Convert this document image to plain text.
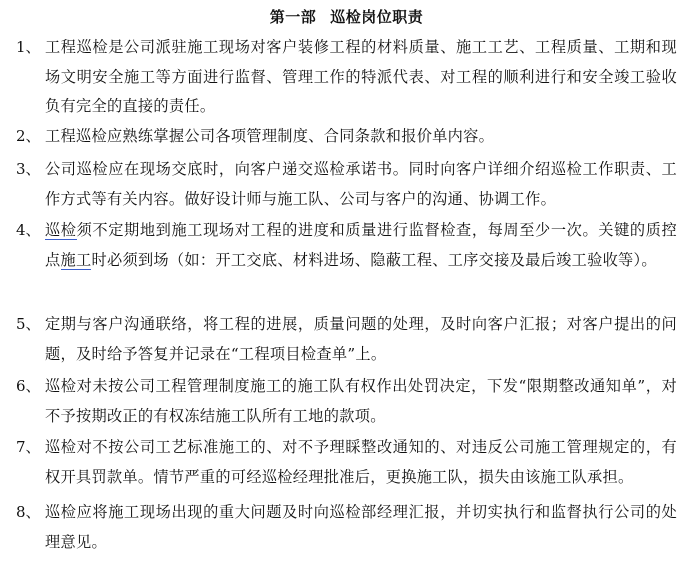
第一部 巡检岗位职责
1、 工程巡检是公司派驻施工现场对客户装修工程的材料质量、施工工艺、工程质量、工期和现场文明安全施工等方面进行监督、管理工作的特派代表、对工程的顺利进行和安全竣工验收负有完全的直接的责任。
2、 工程巡检应熟练掌握公司各项管理制度、合同条款和报价单内容。
3、 公司巡检应在现场交底时，向客户递交巡检承诺书。同时向客户详细介绍巡检工作职责、工作方式等有关内容。做好设计师与施工队、公司与客户的沟通、协调工作。
4、 巡检须不定期地到施工现场对工程的进度和质量进行监督检查，每周至少一次。关键的质控点施工时必须到场（如：开工交底、材料进场、隐蔽工程、工序交接及最后竣工验收等）。
5、 定期与客户沟通联络，将工程的进展，质量问题的处理，及时向客户汇报；对客户提出的问题，及时给予答复并记录在“工程项目检查单”上。
6、 巡检对未按公司工程管理制度施工的施工队有权作出处罚决定，下发“限期整改通知单”，对不予按期改正的有权冻结施工队所有工地的款项。
7、 巡检对不按公司工艺标准施工的、对不予理睬整改通知的、对违反公司施工管理规定的，有权开具罚款单。情节严重的可经巡检经理批准后，更换施工队，损失由该施工队承担。
8、 巡检应将施工现场出现的重大问题及时向巡检部经理汇报，并切实执行和监督执行公司的处理意见。
